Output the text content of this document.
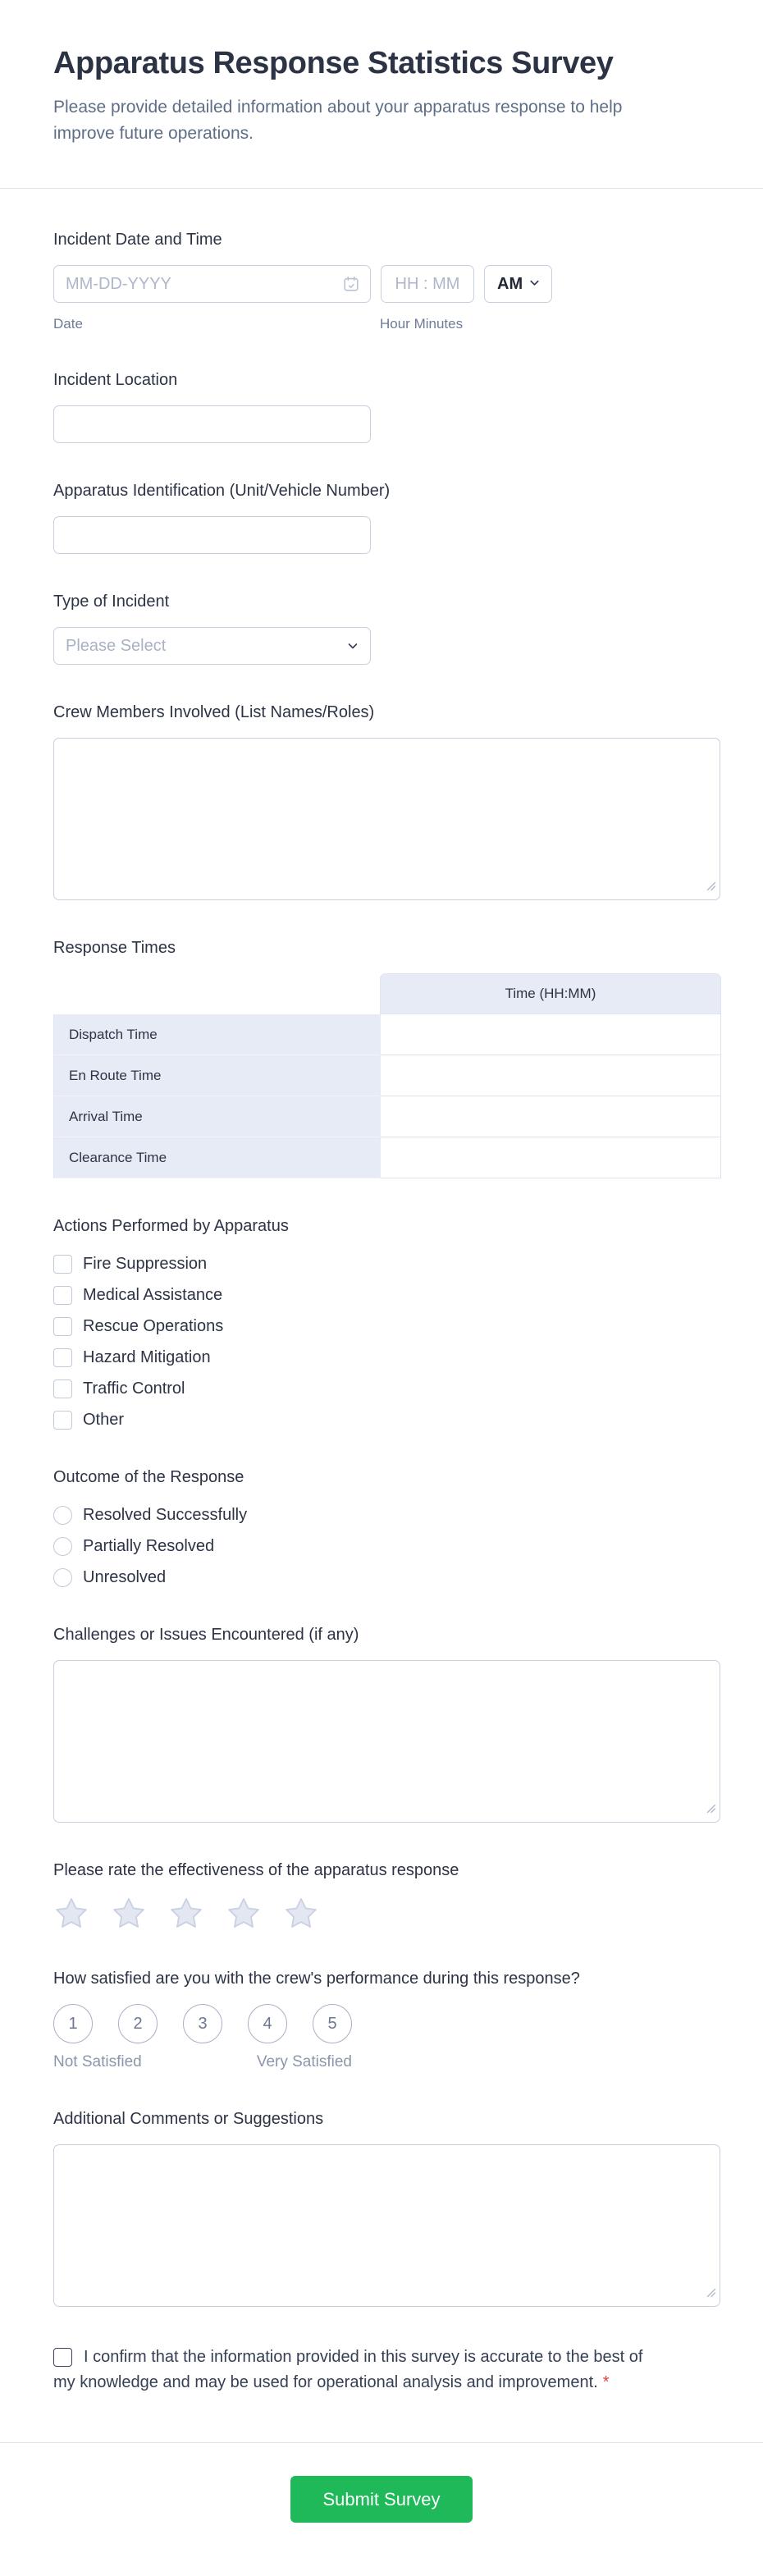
Apparatus Response Statistics Survey

Please provide detailed information about your apparatus response to help improve future operations.

Incident Date and Time
MM-DD-YYYY
HH : MM
AM
Date	Hour Minutes
Incident Location
Apparatus Identification (Unit/Vehicle Number)
Type of Incident
Please Select
Crew Members Involved (List Names/Roles)
Response Times
	Time (HH:MM)
Dispatch Time	
En Route Time	
Arrival Time	
Clearance Time	
Actions Performed by Apparatus
Fire Suppression
Medical Assistance
Rescue Operations
Hazard Mitigation
Traffic Control
Other
Outcome of the Response
Resolved Successfully
Partially Resolved
Unresolved
Challenges or Issues Encountered (if any)
Please rate the effectiveness of the apparatus response
How satisfied are you with the crew's performance during this response?
1	2	3	4	5
Not Satisfied	Very Satisfied
Additional Comments or Suggestions
I confirm that the information provided in this survey is accurate to the best of my knowledge and may be used for operational analysis and improvement. *
Submit Survey
